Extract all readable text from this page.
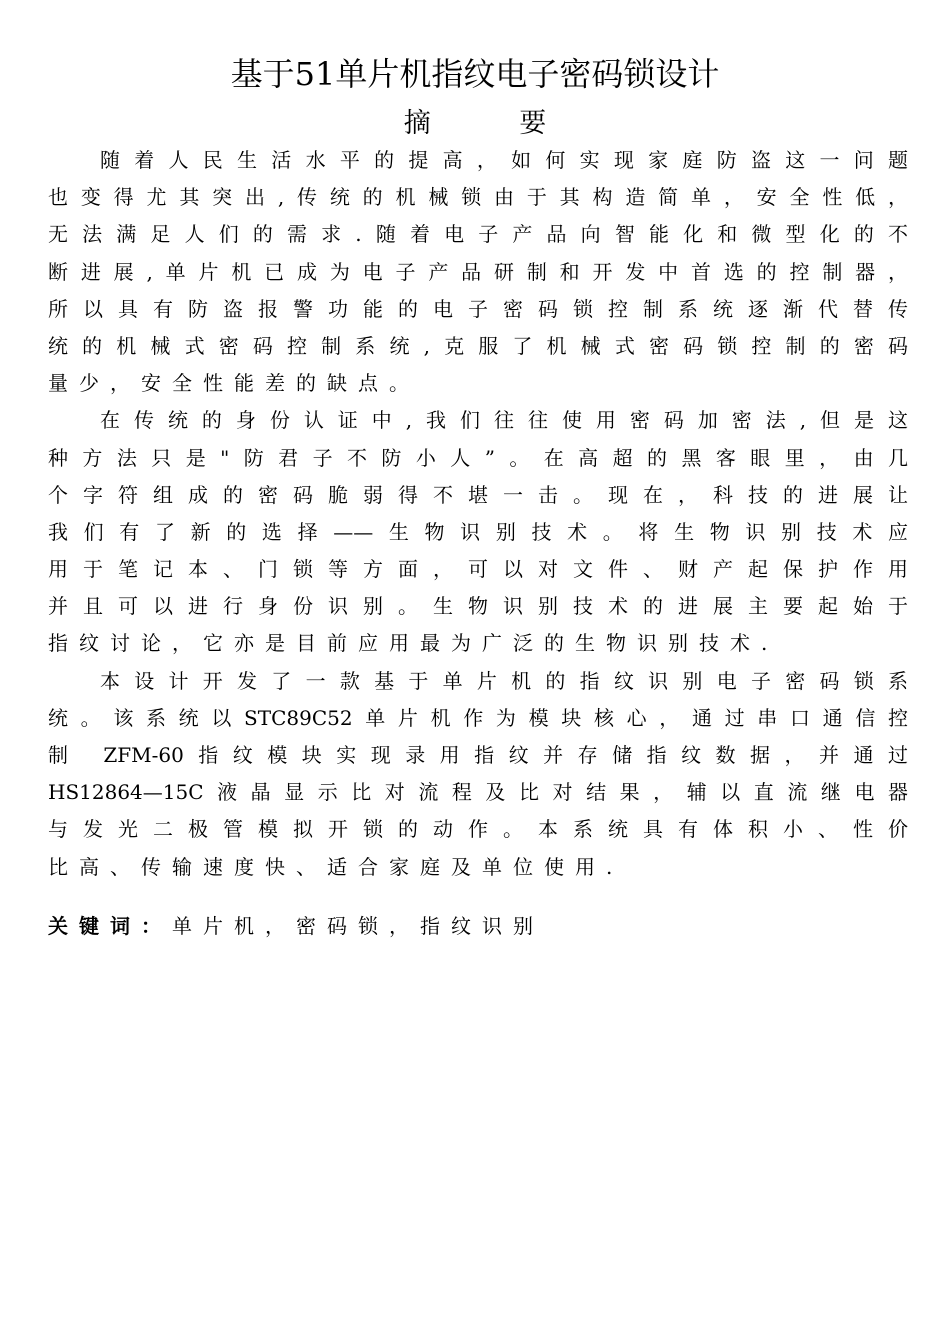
基于51单片机指纹电子密码锁设计
摘 要
随着人民生活水平的提高，如何实现家庭防盗这一问题
也变得尤其突出,传统的机械锁由于其构造简单，安全性低，
无法满足人们的需求.随着电子产品向智能化和微型化的不
断进展,单片机已成为电子产品研制和开发中首选的控制器，
所以具有防盗报警功能的电子密码锁控制系统逐渐代替传
统的机械式密码控制系统,克服了机械式密码锁控制的密码
量少，安全性能差的缺点。
在传统的身份认证中,我们往往使用密码加密法,但是这
种方法只是"防君子不防小人”。在高超的黑客眼里，由几
个字符组成的密码脆弱得不堪一击。现在，科技的进展让
我们有了新的选择——生物识别技术。将生物识别技术应
用于笔记本、门锁等方面，可以对文件、财产起保护作用
并且可以进行身份识别。生物识别技术的进展主要起始于
指纹讨论，它亦是目前应用最为广泛的生物识别技术.
本设计开发了一款基于单片机的指纹识别电子密码锁系
统。该系统以STC89C52单片机作为模块核心，通过串口通信控
制 ZFM-60指纹模块实现录用指纹并存储指纹数据，并通过
HS12864—15C液晶显示比对流程及比对结果，辅以直流继电器
与发光二极管模拟开锁的动作。本系统具有体积小、性价
比高、传输速度快、适合家庭及单位使用.
关键词：单片机，密码锁，指纹识别
